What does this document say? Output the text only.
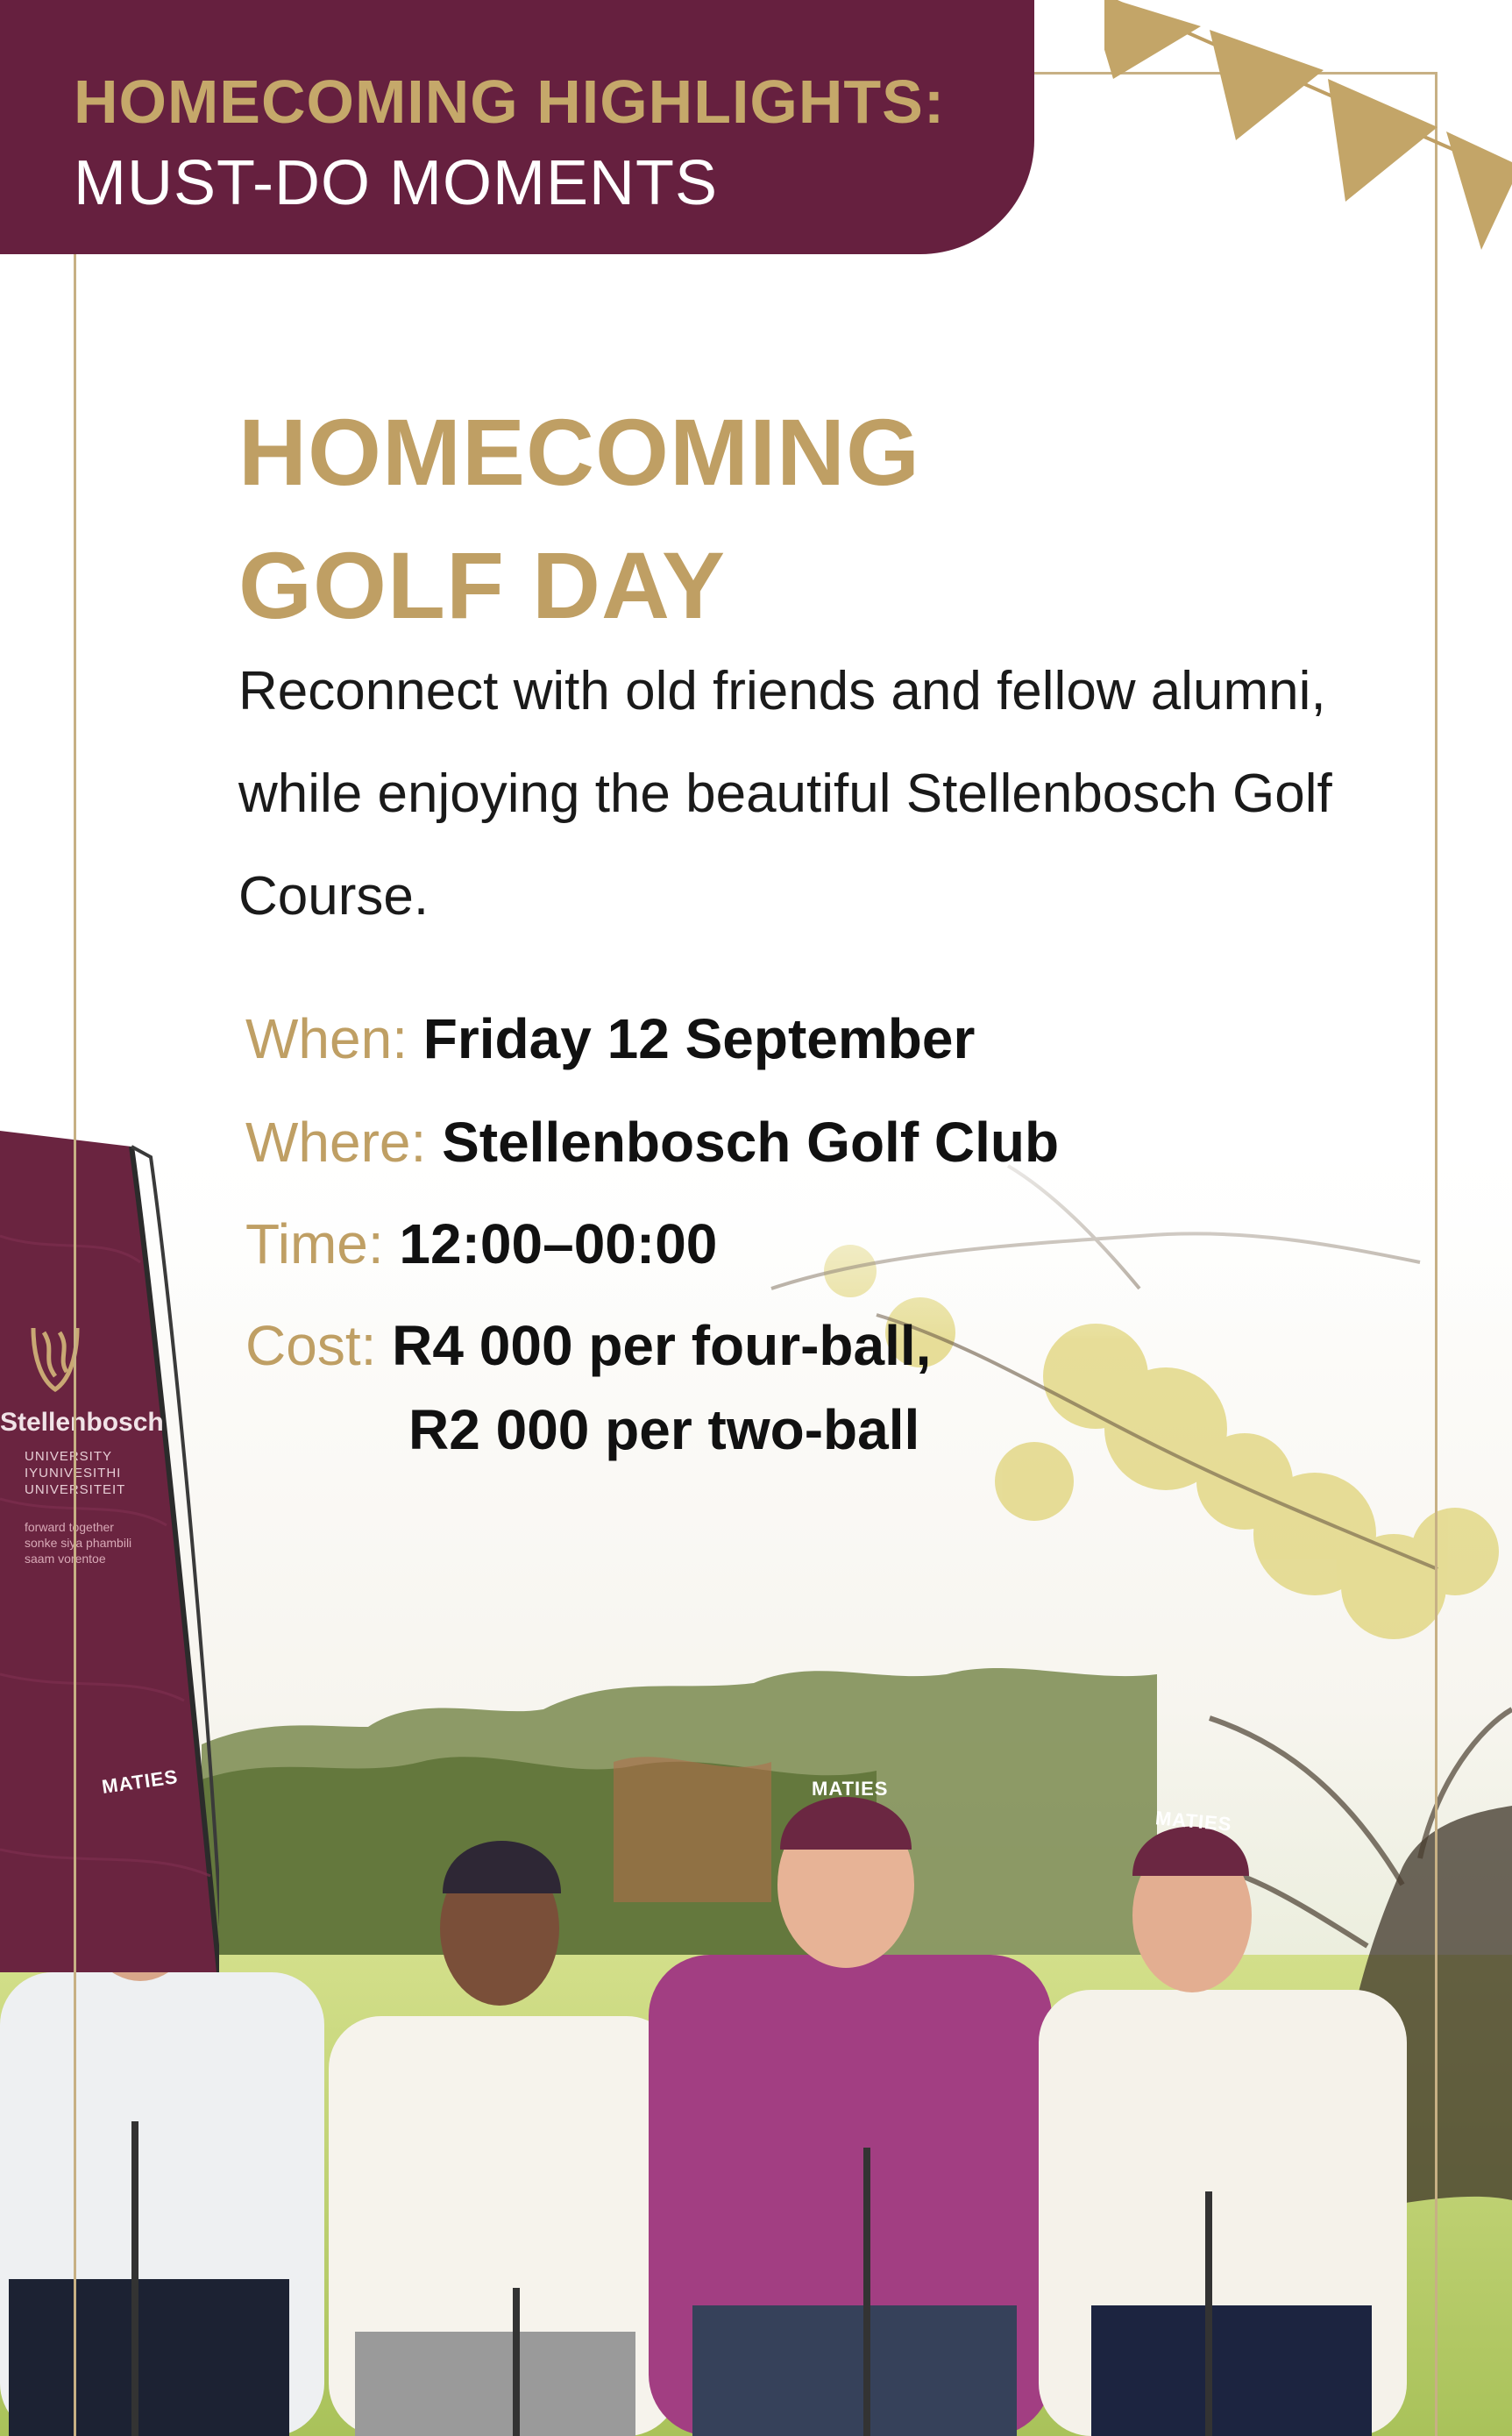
Stellenbosch
UNIVERSITY
IYUNIVESITHI
UNIVERSITEIT
forward together
sonke siya phambili
saam vorentoe
MATIES	MATIES
MATIES
HOMECOMING HIGHLIGHTS:
MUST-DO MOMENTS
HOMECOMING
GOLF DAY
Reconnect with old friends and fellow alumni, while enjoying the beautiful Stellenbosch Golf Course.
When: Friday 12 September
Where: Stellenbosch Golf Club
Time: 12:00–00:00
Cost: R4 000 per four-ball,
R2 000 per two-ball
